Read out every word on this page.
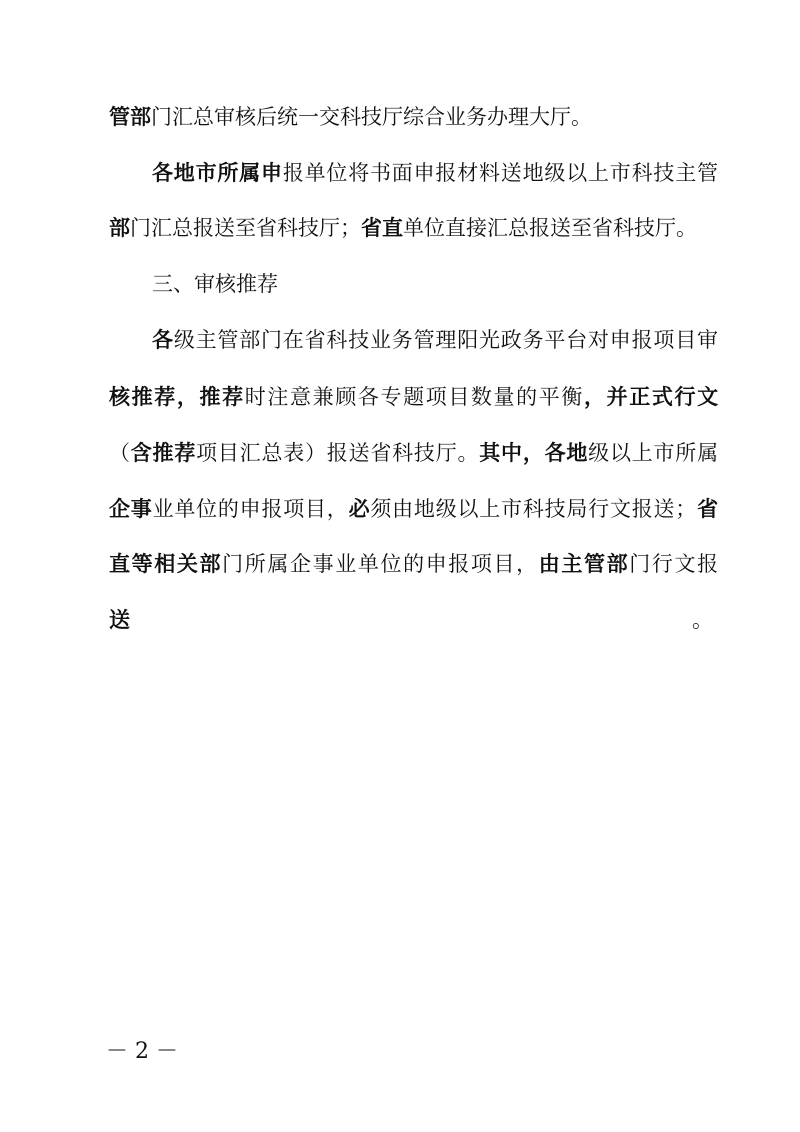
管部门汇总审核后统一交科技厅综合业务办理大厅。
各地市所属申报单位将书面申报材料送地级以上市科技主管
部门汇总报送至省科技厅；省直单位直接汇总报送至省科技厅。
三、审核推荐
各级主管部门在省科技业务管理阳光政务平台对申报项目审
核推荐，推荐时注意兼顾各专题项目数量的平衡，并正式行文
（含推荐项目汇总表）报送省科技厅。其中，各地级以上市所属
企事业单位的申报项目，必须由地级以上市科技局行文报送；省
直等相关部门所属企事业单位的申报项目，由主管部门行文报
送	。
－ 2 －
